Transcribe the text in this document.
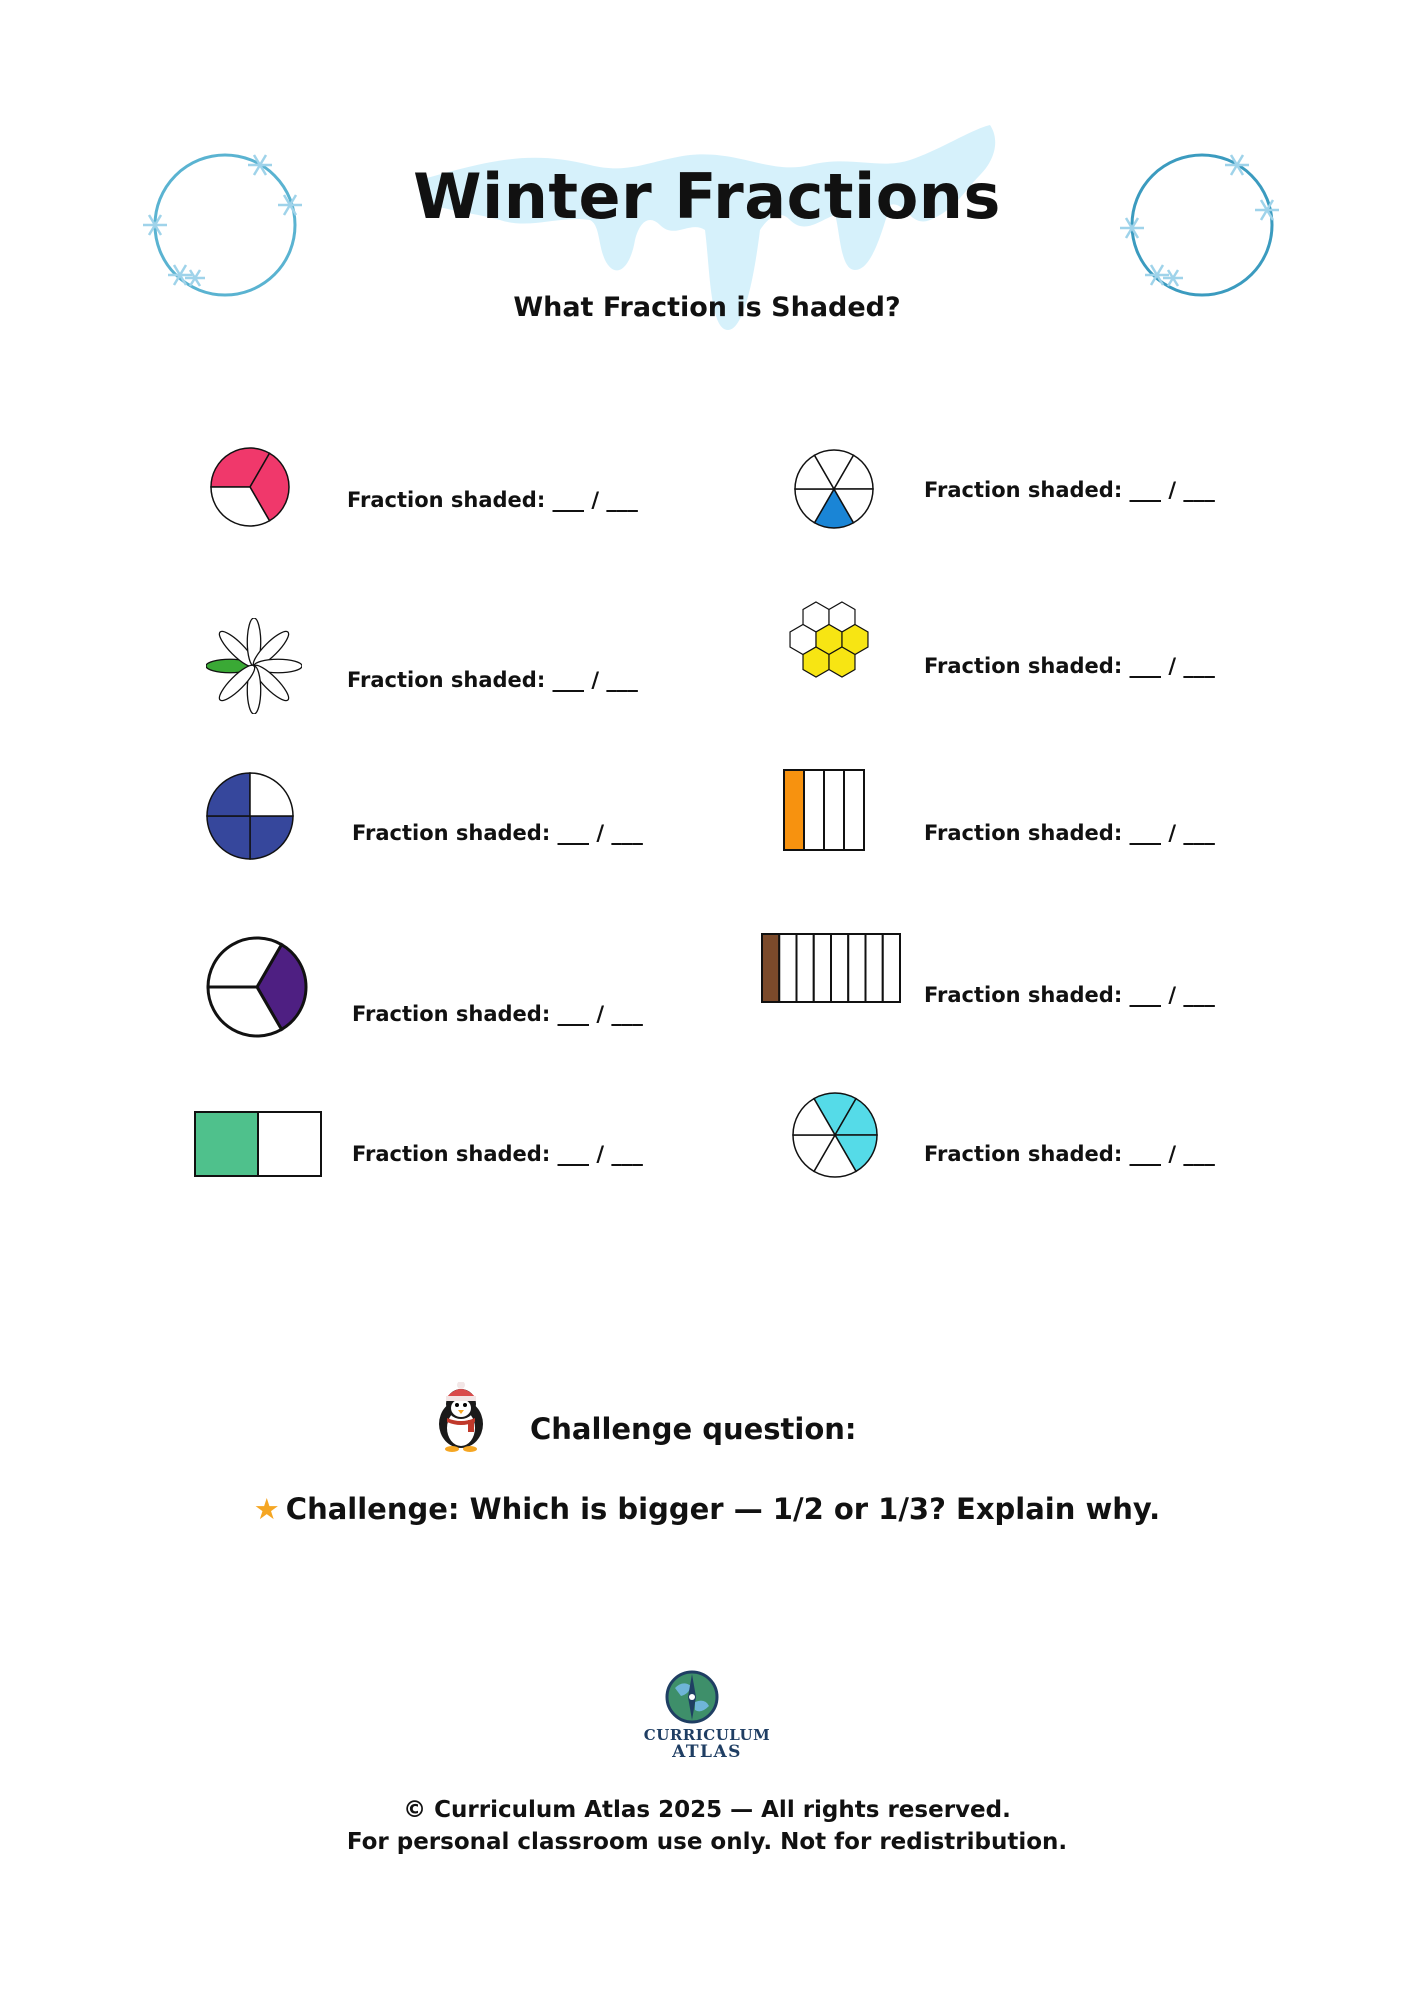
Winter Fractions
What Fraction is Shaded?
Fraction shaded: ___ / ___	Fraction shaded: ___ / ___
Fraction shaded: ___ / ___
Fraction shaded: ___ / ___
Fraction shaded: ___ / ___	Fraction shaded: ___ / ___
Fraction shaded: ___ / ___
Fraction shaded: ___ / ___
Fraction shaded: ___ / ___	Fraction shaded: ___ / ___
Challenge question:
★ Challenge: Which is bigger — 1/2 or 1/3? Explain why.
CURRICULUM
ATLAS
© Curriculum Atlas 2025 — All rights reserved.
For personal classroom use only. Not for redistribution.
